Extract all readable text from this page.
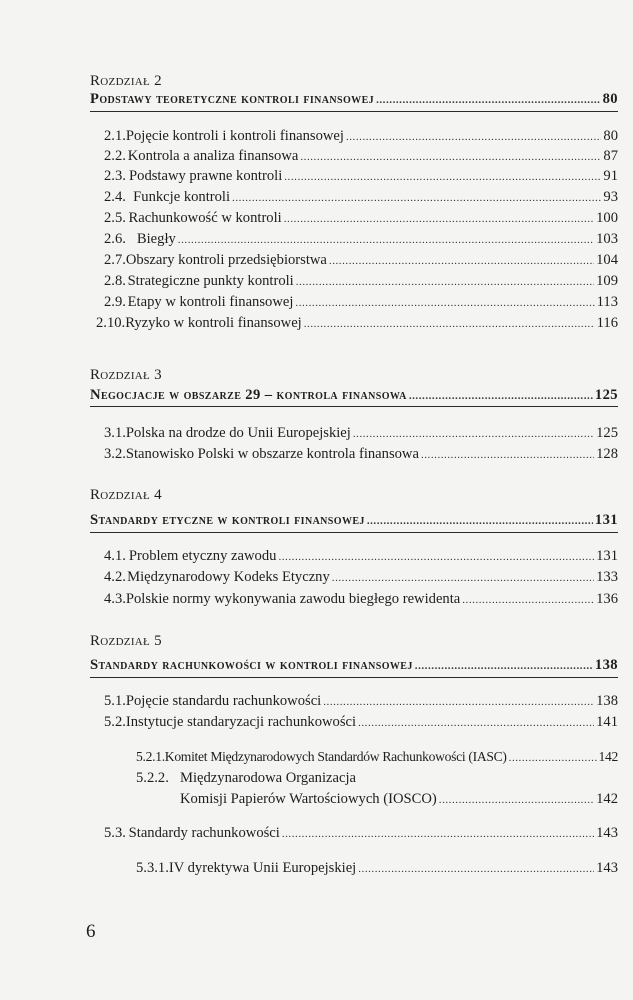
Rozdział 2
Podstawy teoretyczne kontroli finansowej . . .	80
2.1. Pojęcie kontroli i kontroli finansowej . . .	80
2.2. Kontrola a analiza finansowa . . .	87
2.3. Podstawy prawne kontroli . . .	91
2.4. Funkcje kontroli . . .	93
2.5. Rachunkowość w kontroli . . .	100
2.6. Biegły . . .	103
2.7. Obszary kontroli przedsiębiorstwa . . .	104
2.8. Strategiczne punkty kontroli . . .	109
2.9. Etapy w kontroli finansowej . . .	113
2.10. Ryzyko w kontroli finansowej . . .	116
Rozdział 3
Negocjacje w obszarze 29 – kontrola finansowa . . .	125
3.1. Polska na drodze do Unii Europejskiej . . .	125
3.2. Stanowisko Polski w obszarze kontrola finansowa . . .	128
Rozdział 4
Standardy etyczne w kontroli finansowej . . .	131
4.1. Problem etyczny zawodu . . .	131
4.2. Międzynarodowy Kodeks Etyczny . . .	133
4.3. Polskie normy wykonywania zawodu biegłego rewidenta . . .	136
Rozdział 5
Standardy rachunkowości w kontroli finansowej . . .	138
5.1. Pojęcie standardu rachunkowości . . .	138
5.2. Instytucje standaryzacji rachunkowości . . .	141
5.2.1. Komitet Międzynarodowych Standardów Rachunkowości (IASC) . . .	142
5.2.2. Międzynarodowa Organizacja
Komisji Papierów Wartościowych (IOSCO) . . .	142
5.3. Standardy rachunkowości . . .	143
5.3.1. IV dyrektywa Unii Europejskiej . . .	143
6
